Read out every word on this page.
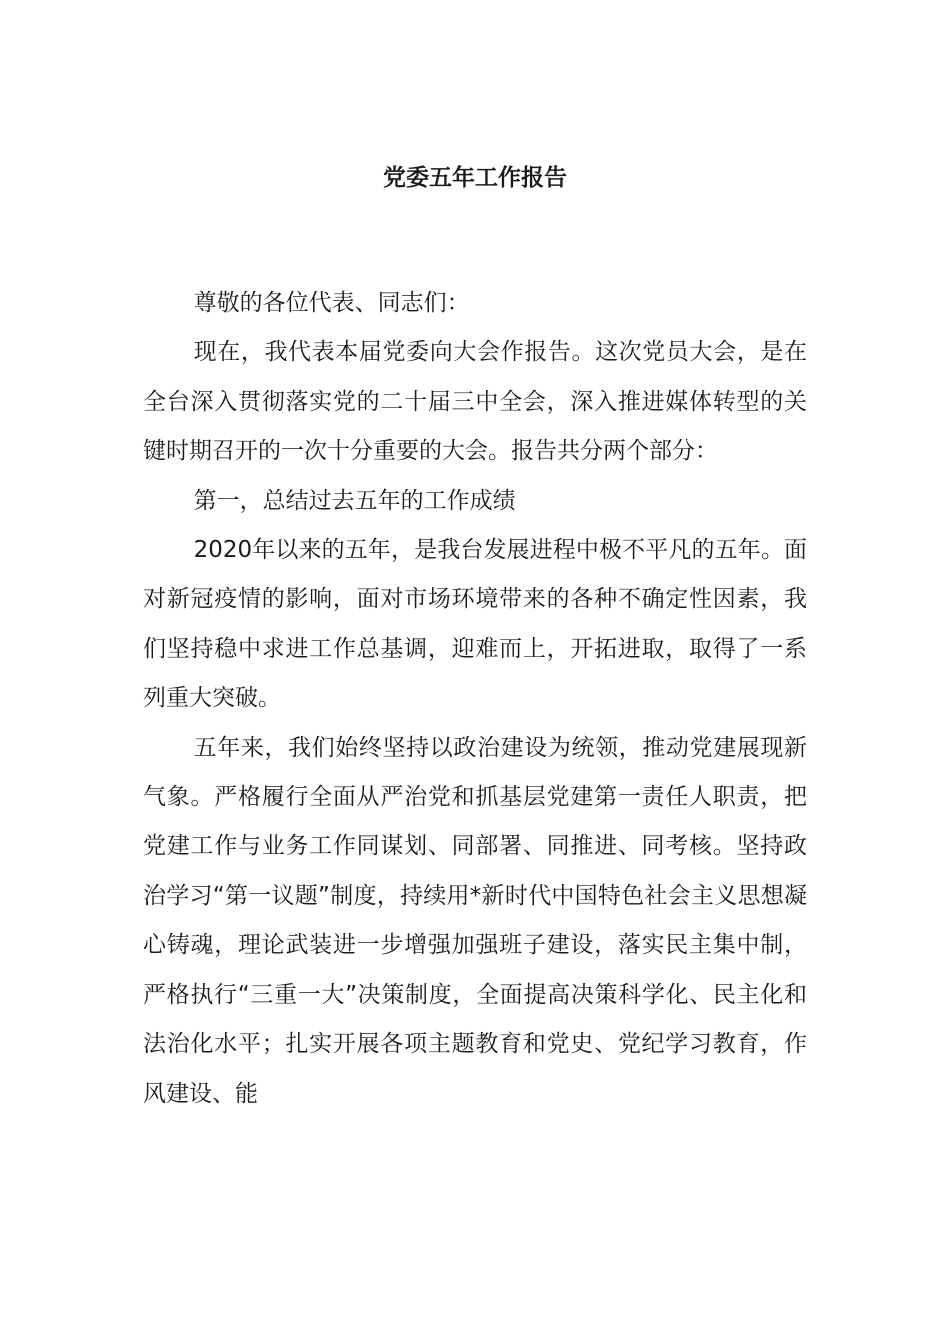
党委五年工作报告

尊敬的各位代表、同志们：

现在，我代表本届党委向大会作报告。这次党员大会，是在全台深入贯彻落实党的二十届三中全会，深入推进媒体转型的关键时期召开的一次十分重要的大会。报告共分两个部分：

第一，总结过去五年的工作成绩

2020年以来的五年，是我台发展进程中极不平凡的五年。面对新冠疫情的影响，面对市场环境带来的各种不确定性因素，我们坚持稳中求进工作总基调，迎难而上，开拓进取，取得了一系列重大突破。

五年来，我们始终坚持以政治建设为统领，推动党建展现新气象。严格履行全面从严治党和抓基层党建第一责任人职责，把党建工作与业务工作同谋划、同部署、同推进、同考核。坚持政治学习“第一议题”制度，持续用*新时代中国特色社会主义思想凝心铸魂，理论武装进一步增强加强班子建设，落实民主集中制，严格执行“三重一大”决策制度，全面提高决策科学化、民主化和法治化水平；扎实开展各项主题教育和党史、党纪学习教育，作风建设、能
